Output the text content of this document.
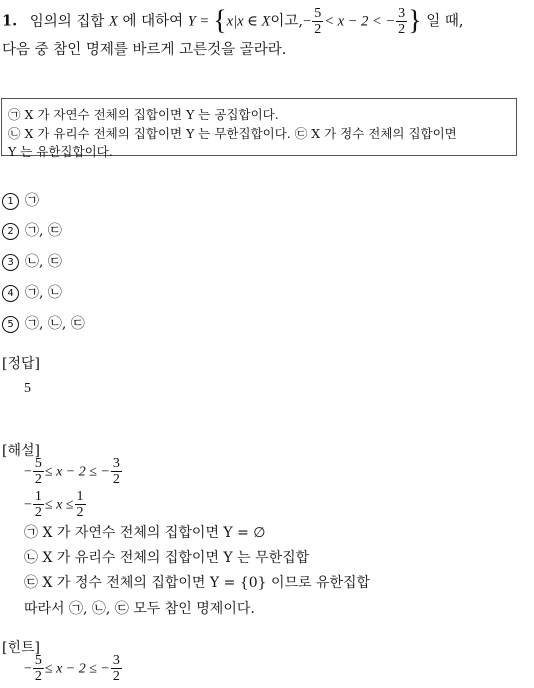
1. 임의의 집합 X 에 대하여 Y = {x|x ∈ X이고,− $\frac{5}{2} < x - 2$ < − $\frac{3}{2}$ } 일 때,
다음 중 참인 명제를 바르게 고른것을 골라라.
㉠ X 가 자연수 전체의 집합이면 Y 는 공집합이다.
㉡ X 가 유리수 전체의 집합이면 Y 는 무한집합이다. ㉢ X 가 정수 전체의 집합이면
Y 는 유한집합이다.
1 ㉠
2 ㉠, ㉢
3 ㉡, ㉢
4 ㉠, ㉡
5 ㉠, ㉡, ㉢
[정답]
5
[해설]
− $\frac{5}{2} \le x - 2$ ≤ − $\frac{3}{2}$
− $\frac{1}{2} \le x \le \frac{1}{2}$
㉠ X 가 자연수 전체의 집합이면 Y = ∅
㉡ X 가 유리수 전체의 집합이면 Y 는 무한집합
㉢ X 가 정수 전체의 집합이면 Y = {0} 이므로 유한집합
따라서 ㉠, ㉡, ㉢ 모두 참인 명제이다.
[힌트]
− $\frac{5}{2} \le x - 2$ ≤ − $\frac{3}{2}$
